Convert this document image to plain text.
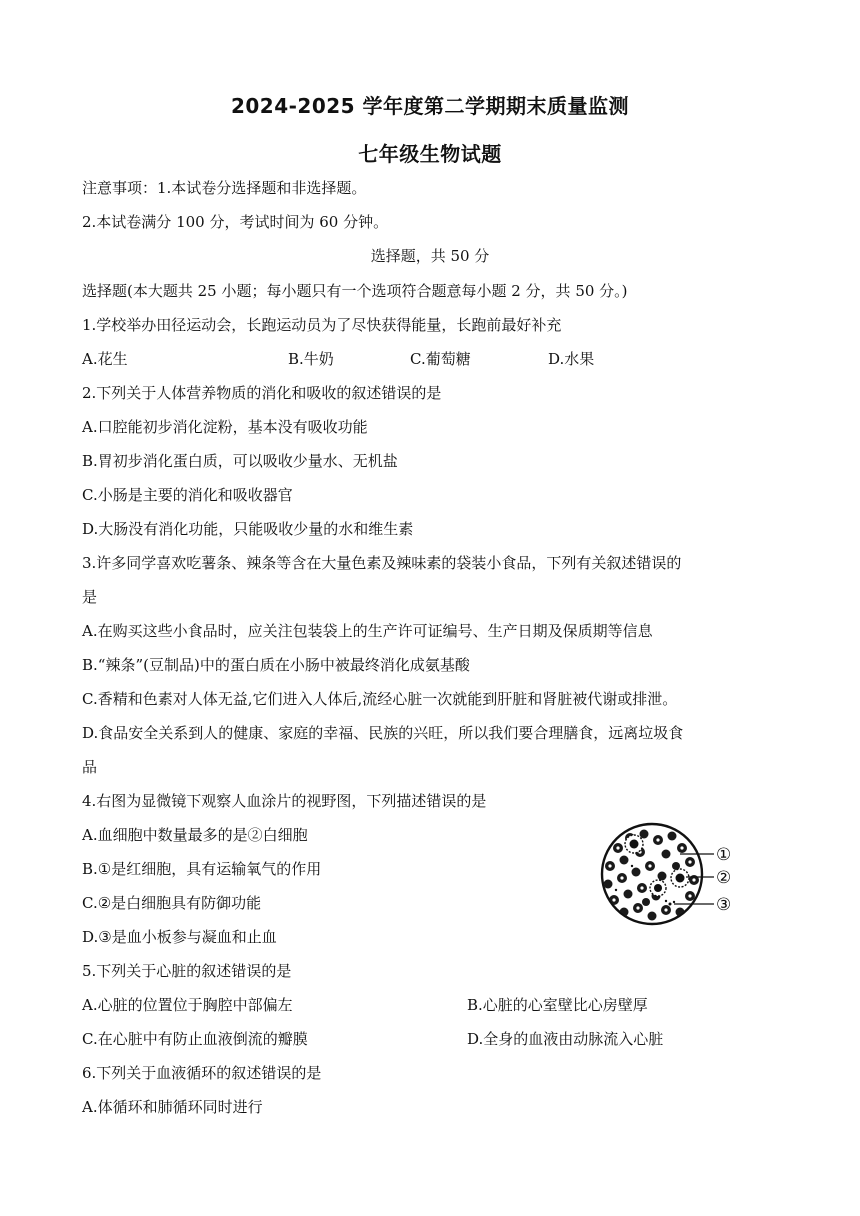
2024-2025 学年度第二学期期末质量监测
七年级生物试题
注意事项：1.本试卷分选择题和非选择题。
2.本试卷满分 100 分，考试时间为 60 分钟。
选择题，共 50 分
选择题(本大题共 25 小题；每小题只有一个选项符合题意每小题 2 分，共 50 分。)
1.学校举办田径运动会，长跑运动员为了尽快获得能量，长跑前最好补充
A.花生	B.牛奶	C.葡萄糖	D.水果
2.下列关于人体营养物质的消化和吸收的叙述错误的是
A.口腔能初步消化淀粉，基本没有吸收功能
B.胃初步消化蛋白质，可以吸收少量水、无机盐
C.小肠是主要的消化和吸收器官
D.大肠没有消化功能，只能吸收少量的水和维生素
3.许多同学喜欢吃薯条、辣条等含在大量色素及辣味素的袋装小食品，下列有关叙述错误的
是
A.在购买这些小食品时，应关注包装袋上的生产许可证编号、生产日期及保质期等信息
B.“辣条”(豆制品)中的蛋白质在小肠中被最终消化成氨基酸
C.香精和色素对人体无益,它们进入人体后,流经心脏一次就能到肝脏和肾脏被代谢或排泄。
D.食品安全关系到人的健康、家庭的幸福、民族的兴旺，所以我们要合理膳食，远离垃圾食
品
4.右图为显微镜下观察人血涂片的视野图，下列描述错误的是
A.血细胞中数量最多的是②白细胞
B.①是红细胞，具有运输氧气的作用
C.②是白细胞具有防御功能
D.③是血小板参与凝血和止血
①
②
③
5.下列关于心脏的叙述错误的是
A.心脏的位置位于胸腔中部偏左	B.心脏的心室壁比心房壁厚
C.在心脏中有防止血液倒流的瓣膜	D.全身的血液由动脉流入心脏
6.下列关于血液循环的叙述错误的是
A.体循环和肺循环同时进行
